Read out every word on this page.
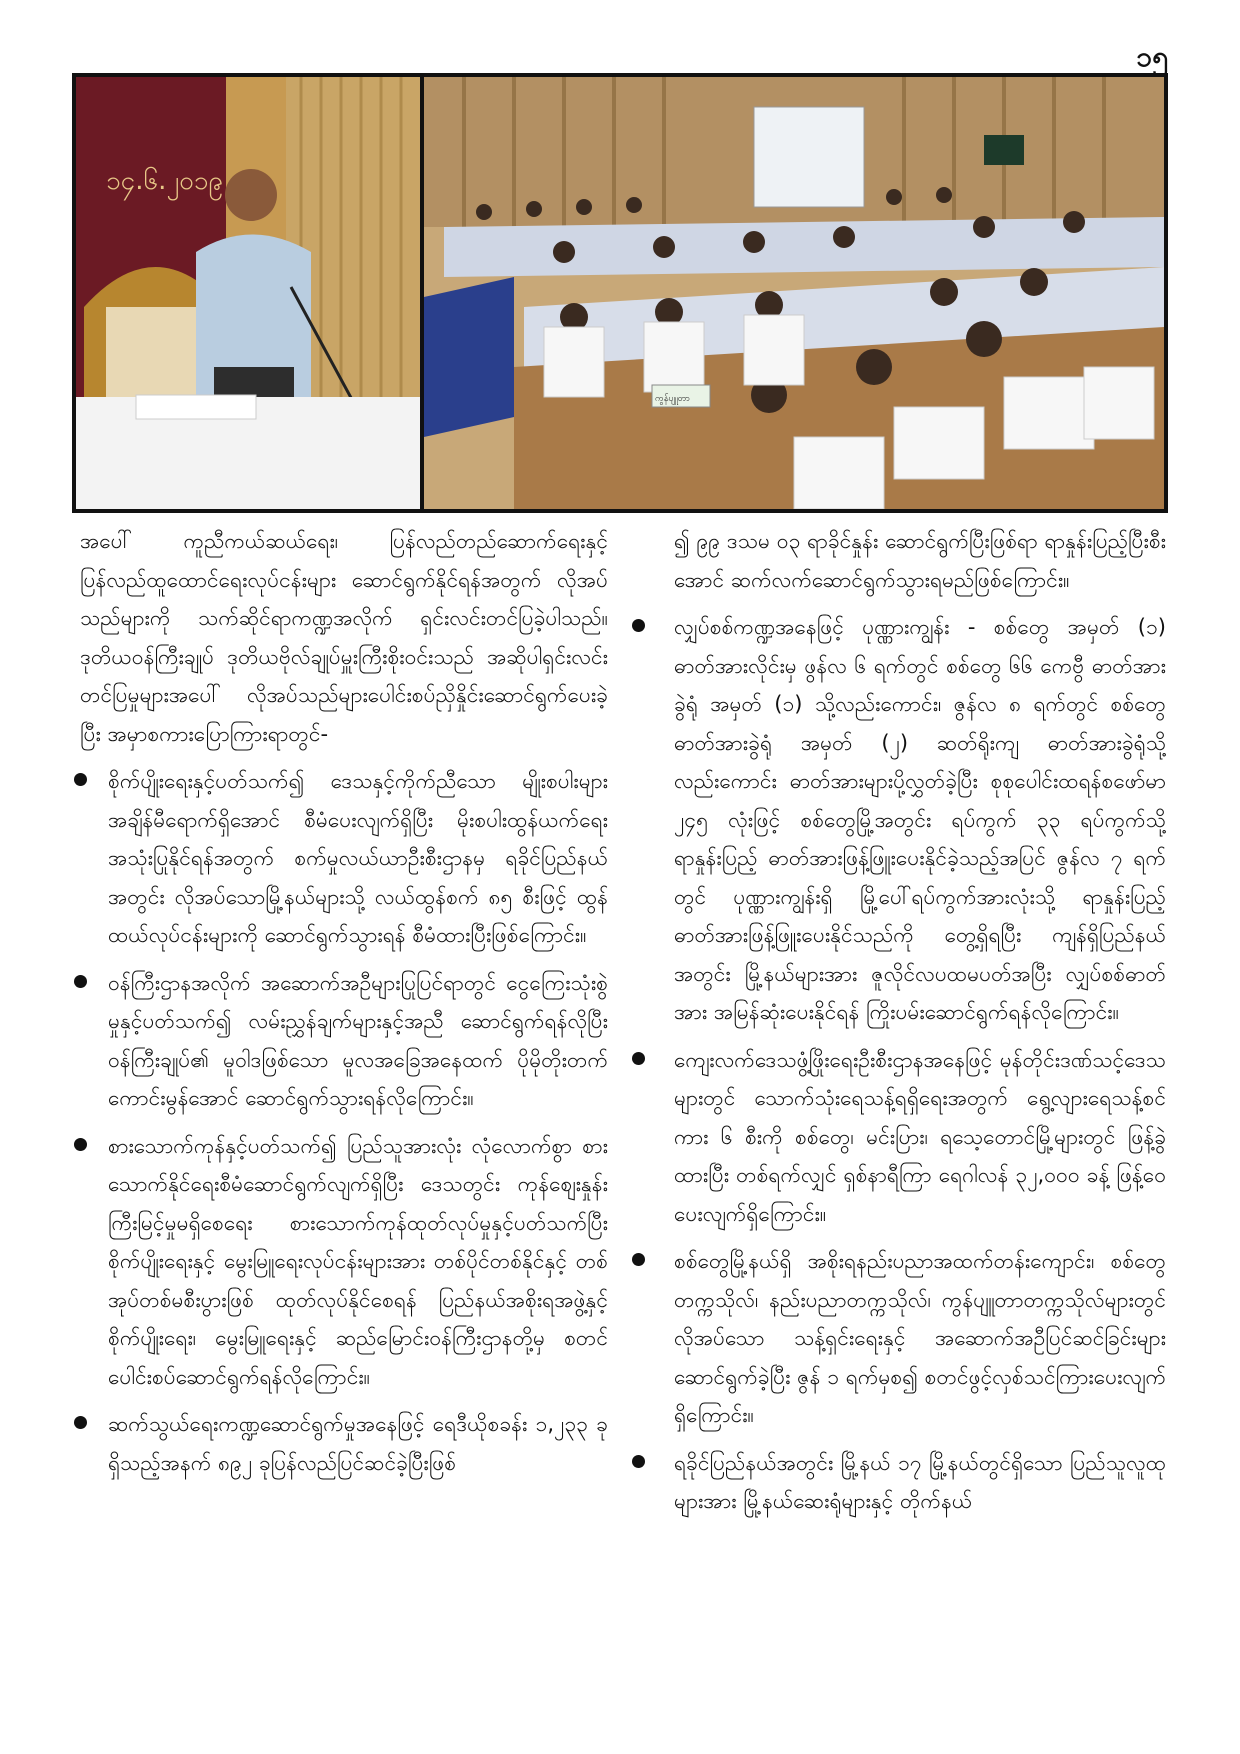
၁၅
၁၄.၆.၂၀၁၉
ကွန်ပျူတာ

အပေါ် ကူညီကယ်ဆယ်ရေး၊ ပြန်လည်တည်ဆောက်ရေးနှင့် ပြန်လည်ထူထောင်ရေးလုပ်ငန်းများ ဆောင်ရွက်နိုင်ရန်အတွက် လိုအပ်သည်များကို သက်ဆိုင်ရာကဏ္ဍအလိုက် ရှင်းလင်းတင်ပြခဲ့ပါသည်။ ဒုတိယဝန်ကြီးချုပ် ဒုတိယဗိုလ်ချုပ်မှူးကြီးစိုးဝင်းသည် အဆိုပါရှင်းလင်းတင်ပြမှုများအပေါ် လိုအပ်သည်များပေါင်းစပ်ညှိနှိုင်းဆောင်ရွက်ပေးခဲ့ပြီး အမှာစကားပြောကြားရာတွင်-

စိုက်ပျိုးရေးနှင့်ပတ်သက်၍ ဒေသနှင့်ကိုက်ညီသော မျိုးစပါးများ အချိန်မီရောက်ရှိအောင် စီမံပေးလျက်ရှိပြီး မိုးစပါးထွန်ယက်ရေးအသုံးပြုနိုင်ရန်အတွက် စက်မှုလယ်ယာဦးစီးဌာနမှ ရခိုင်ပြည်နယ်အတွင်း လိုအပ်သောမြို့နယ်များသို့ လယ်ထွန်စက် ၈၅ စီးဖြင့် ထွန်ထယ်လုပ်ငန်းများကို ဆောင်ရွက်သွားရန် စီမံထားပြီးဖြစ်ကြောင်း။
ဝန်ကြီးဌာနအလိုက် အဆောက်အဦများပြုပြင်ရာတွင် ငွေကြေးသုံးစွဲမှုနှင့်ပတ်သက်၍ လမ်းညွှန်ချက်များနှင့်အညီ ဆောင်ရွက်ရန်လိုပြီး ဝန်ကြီးချုပ်၏ မူဝါဒဖြစ်သော မူလအခြေအနေထက် ပိုမိုတိုးတက်ကောင်းမွန်အောင် ဆောင်ရွက်သွားရန်လိုကြောင်း။
စားသောက်ကုန်နှင့်ပတ်သက်၍ ပြည်သူအားလုံး လုံလောက်စွာ စားသောက်နိုင်ရေးစီမံဆောင်ရွက်လျက်ရှိပြီး ဒေသတွင်း ကုန်စျေးနှုန်းကြီးမြင့်မှုမရှိစေရေး စားသောက်ကုန်ထုတ်လုပ်မှုနှင့်ပတ်သက်ပြီး စိုက်ပျိုးရေးနှင့် မွေးမြူရေးလုပ်ငန်းများအား တစ်ပိုင်တစ်နိုင်နှင့် တစ်အုပ်တစ်မစီးပွားဖြစ် ထုတ်လုပ်နိုင်စေရန် ပြည်နယ်အစိုးရအဖွဲ့နှင့် စိုက်ပျိုးရေး၊ မွေးမြူရေးနှင့် ဆည်မြောင်းဝန်ကြီးဌာနတို့မှ စတင်ပေါင်းစပ်ဆောင်ရွက်ရန်လိုကြောင်း။
ဆက်သွယ်ရေးကဏ္ဍဆောင်ရွက်မှုအနေဖြင့် ရေဒီယိုစခန်း ၁,၂၃၃ ခုရှိသည့်အနက် ၈၉၂ ခုပြန်လည်ပြင်ဆင်ခဲ့ပြီးဖြစ်

၍ ၉၉ ဒသမ ၀၃ ရာခိုင်နှုန်း ဆောင်ရွက်ပြီးဖြစ်ရာ ရာနှုန်းပြည့်ပြီးစီးအောင် ဆက်လက်ဆောင်ရွက်သွားရမည်ဖြစ်ကြောင်း။

လျှပ်စစ်ကဏ္ဍအနေဖြင့် ပုဏ္ဏားကျွန်း - စစ်တွေ အမှတ် (၁) ဓာတ်အားလိုင်းမှ ဖွန်လ ၆ ရက်တွင် စစ်တွေ ၆၆ ကေဗွီ ဓာတ်အားခွဲရုံ အမှတ် (၁) သို့လည်းကောင်း၊ ဇွန်လ ၈ ရက်တွင် စစ်တွေဓာတ်အားခွဲရုံ အမှတ် (၂) ဆတ်ရိုးကျ ဓာတ်အားခွဲရုံသို့လည်းကောင်း ဓာတ်အားများပို့လွှတ်ခဲ့ပြီး စုစုပေါင်းထရန်စဖော်မာ ၂၄၅ လုံးဖြင့် စစ်တွေမြို့အတွင်း ရပ်ကွက် ၃၃ ရပ်ကွက်သို့ ရာနှုန်းပြည့် ဓာတ်အားဖြန့်ဖြူးပေးနိုင်ခဲ့သည့်အပြင် ဇွန်လ ၇ ရက်တွင် ပုဏ္ဏားကျွန်းရှိ မြို့ပေါ်ရပ်ကွက်အားလုံးသို့ ရာနှုန်းပြည့် ဓာတ်အားဖြန့်ဖြူးပေးနိုင်သည်ကို တွေ့ရှိရပြီး ကျန်ရှိပြည်နယ်အတွင်း မြို့နယ်များအား ဇူလိုင်လပထမပတ်အပြီး လျှပ်စစ်ဓာတ်အား အမြန်ဆုံးပေးနိုင်ရန် ကြိုးပမ်းဆောင်ရွက်ရန်လိုကြောင်း။
ကျေးလက်ဒေသဖွံ့ဖြိုးရေးဦးစီးဌာနအနေဖြင့် မုန်တိုင်းဒဏ်သင့်ဒေသများတွင် သောက်သုံးရေသန့်ရရှိရေးအတွက် ရွေ့လျားရေသန့်စင်ကား ၆ စီးကို စစ်တွေ၊ မင်းပြား၊ ရသေ့တောင်မြို့များတွင် ဖြန့်ခွဲထားပြီး တစ်ရက်လျှင် ရှစ်နာရီကြာ ရေဂါလန် ၃၂,၀၀၀ ခန့် ဖြန့်ဝေပေးလျက်ရှိကြောင်း။
စစ်တွေမြို့နယ်ရှိ အစိုးရနည်းပညာအထက်တန်းကျောင်း၊ စစ်တွေတက္ကသိုလ်၊ နည်းပညာတက္ကသိုလ်၊ ကွန်ပျူတာတက္ကသိုလ်များတွင် လိုအပ်သော သန့်ရှင်းရေးနှင့် အဆောက်အဦပြင်ဆင်ခြင်းများ ဆောင်ရွက်ခဲ့ပြီး ဇွန် ၁ ရက်မှစ၍ စတင်ဖွင့်လှစ်သင်ကြားပေးလျက်ရှိကြောင်း။
ရခိုင်ပြည်နယ်အတွင်း မြို့နယ် ၁၇ မြို့နယ်တွင်ရှိသော ပြည်သူလူထုများအား မြို့နယ်ဆေးရုံများနှင့် တိုက်နယ်
